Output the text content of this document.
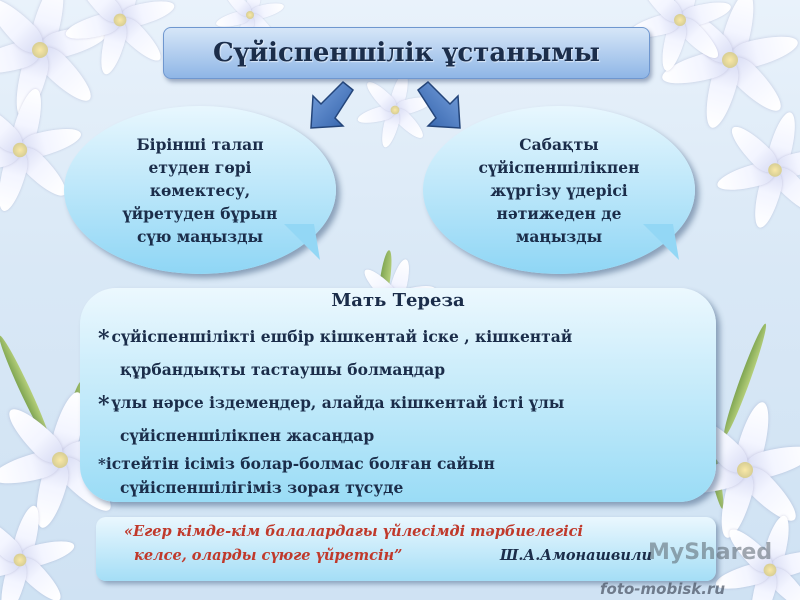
Сүйіспеншілік ұстанымы
Бірінші талап
етуден гөрі
көмектесу,
үйретуден бұрын
сүю маңызды
Сабақты
сүйіспеншілікпен
жүргізу үдерісі
нәтижеден де
маңызды
Мать Тереза
* сүйіспеншілікті ешбір кішкентай іске , кішкентай
құрбандықты тастаушы болмаңдар
* ұлы нәрсе іздемеңдер, алайда кішкентай істі ұлы
сүйіспеншілікпен жасаңдар
*істейтін ісіміз болар-болмас болған сайын
сүйіспеншілігіміз зорая түсуде
«Егер кімде-кім балалардағы үйлесімді тәрбиелегісі
келсе, оларды сүюге үйретсін”	Ш.А.Амонашвили
MyShared
foto-mobisk.ru
